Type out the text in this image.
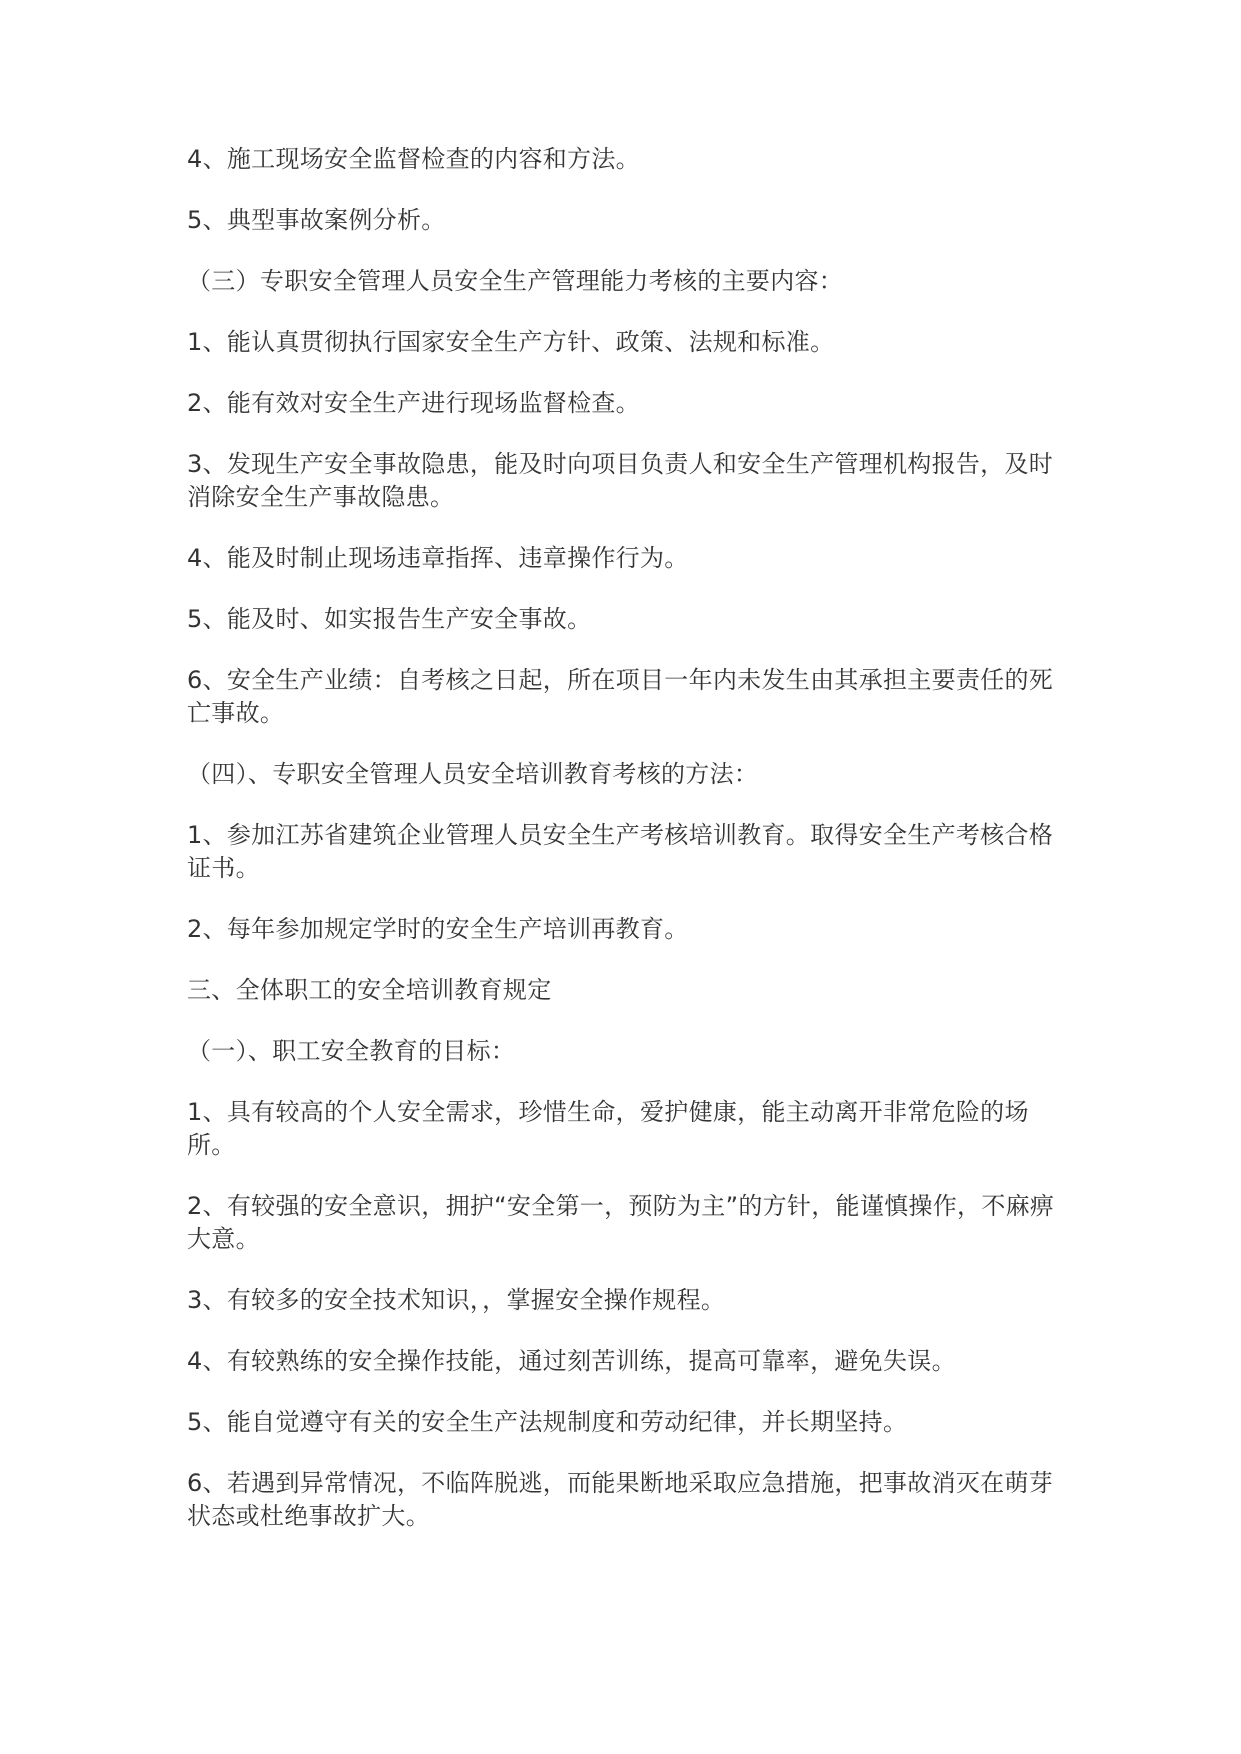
4、施工现场安全监督检查的内容和方法。

5、典型事故案例分析。

（三）专职安全管理人员安全生产管理能力考核的主要内容：

1、能认真贯彻执行国家安全生产方针、政策、法规和标准。

2、能有效对安全生产进行现场监督检查。

3、发现生产安全事故隐患，能及时向项目负责人和安全生产管理机构报告，及时消除安全生产事故隐患。

4、能及时制止现场违章指挥、违章操作行为。

5、能及时、如实报告生产安全事故。

6、安全生产业绩：自考核之日起，所在项目一年内未发生由其承担主要责任的死亡事故。

（四）、专职安全管理人员安全培训教育考核的方法：

1、参加江苏省建筑企业管理人员安全生产考核培训教育。取得安全生产考核合格证书。

2、每年参加规定学时的安全生产培训再教育。

三、全体职工的安全培训教育规定

（一）、职工安全教育的目标：

1、具有较高的个人安全需求，珍惜生命，爱护健康，能主动离开非常危险的场所。

2、有较强的安全意识，拥护“安全第一，预防为主”的方针，能谨慎操作，不麻痹大意。

3、有较多的安全技术知识，，掌握安全操作规程。

4、有较熟练的安全操作技能，通过刻苦训练，提高可靠率，避免失误。

5、能自觉遵守有关的安全生产法规制度和劳动纪律，并长期坚持。

6、若遇到异常情况，不临阵脱逃，而能果断地采取应急措施，把事故消灭在萌芽状态或杜绝事故扩大。
